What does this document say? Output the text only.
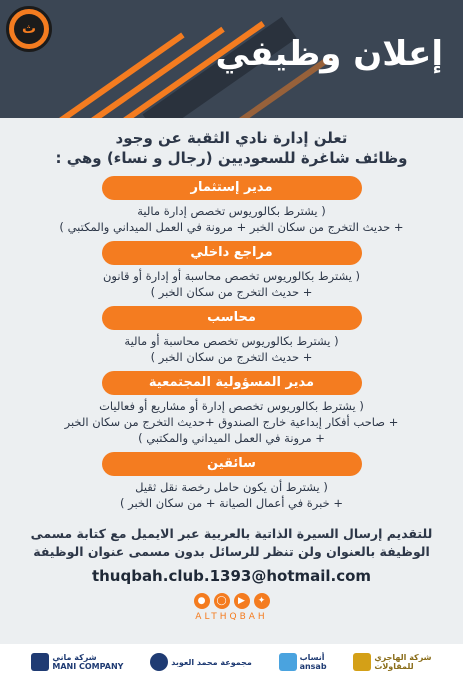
ث
إعلان وظيفي
تعلن إدارة نادي الثقبة عن وجود
وظائف شاغرة للسعوديين (رجال و نساء) وهي :
مدير إستثمار
( يشترط بكالوريوس تخصص إدارة مالية
+ حديث التخرج من سكان الخبر + مرونة في العمل الميداني والمكتبي )
مراجع داخلي
( يشترط بكالوريوس تخصص محاسبة أو إدارة أو قانون
+ حديث التخرج من سكان الخبر )
محاسب
( يشترط بكالوريوس تخصص محاسبة أو مالية
+ حديث التخرج من سكان الخبر )
مدير المسؤولية المجتمعية
( يشترط بكالوريوس تخصص إدارة أو مشاريع أو فعاليات
+ صاحب أفكار إبداعية خارج الصندوق +حديث التخرج من سكان الخبر
+ مرونة في العمل الميداني والمكتبي )
سائقين
( يشترط أن يكون حامل رخصة نقل ثقيل
+ خبرة في أعمال الصيانة + من سكان الخبر )
للتقديم إرسال السيرة الذاتية بالعربية عبر الايميل مع كتابة مسمى
الوظيفة بالعنوان ولن تنظر للرسائل بدون مسمى عنوان الوظيفة
thuqbah.club.1393@hotmail.com
●	◯	▶	✦
ALTHQBAH
شركة ماني
MANI COMPANY	مجموعة محمد العوبد	أنساب
ansab
شركة الهاجري
للمقاولات
